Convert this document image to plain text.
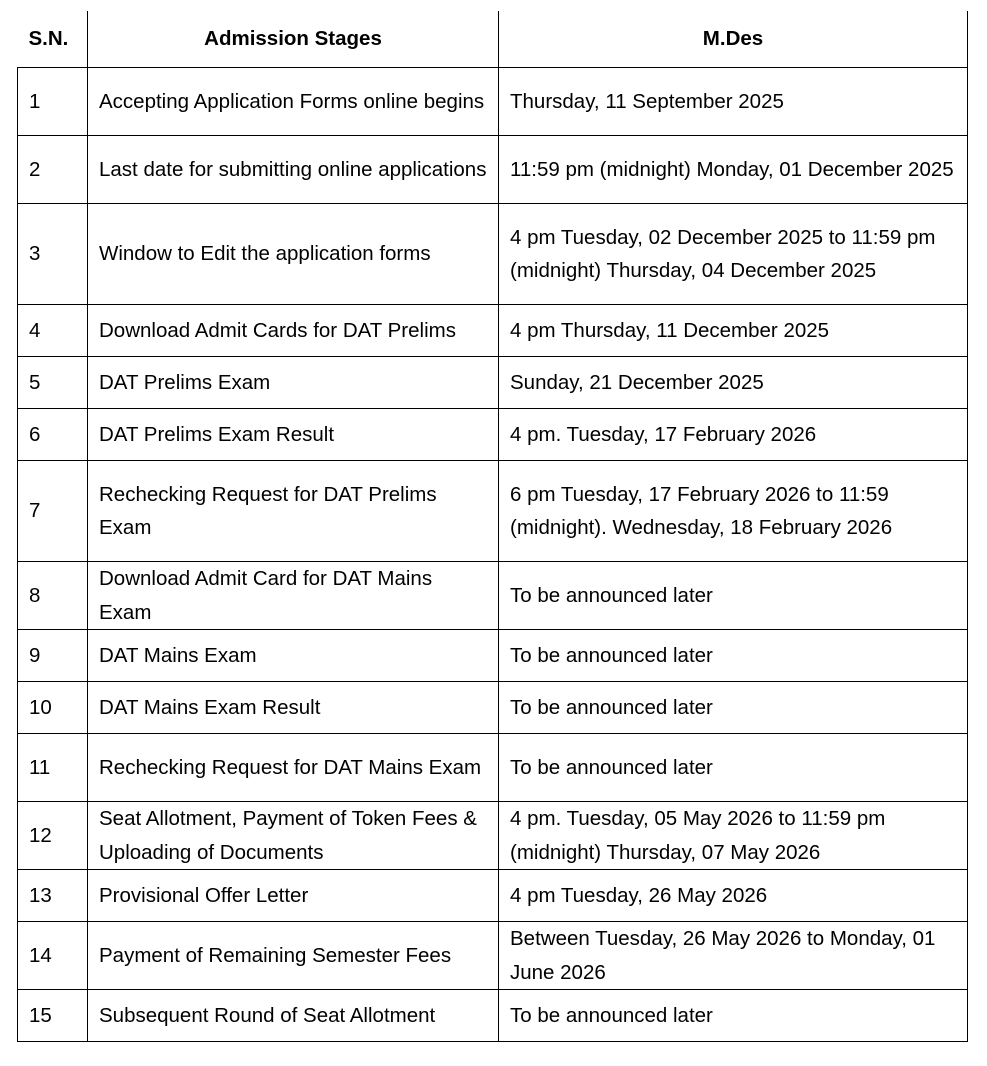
S.N.	Admission Stages	M.Des
1	Accepting Application Forms online begins	Thursday, 11 September 2025
2	Last date for submitting online applications	11:59 pm (midnight) Monday, 01 December 2025
3	Window to Edit the application forms	4 pm Tuesday, 02 December 2025 to 11:59 pm (midnight) Thursday, 04 December 2025
4	Download Admit Cards for DAT Prelims	4 pm Thursday, 11 December 2025
5	DAT Prelims Exam	Sunday, 21 December 2025
6	DAT Prelims Exam Result	4 pm. Tuesday, 17 February 2026
7	Rechecking Request for DAT Prelims Exam	6 pm Tuesday, 17 February 2026 to 11:59 (midnight). Wednesday, 18 February 2026
8	Download Admit Card for DAT Mains Exam	To be announced later
9	DAT Mains Exam	To be announced later
10	DAT Mains Exam Result	To be announced later
11	Rechecking Request for DAT Mains Exam	To be announced later
12	Seat Allotment, Payment of Token Fees & Uploading of Documents	4 pm. Tuesday, 05 May 2026 to 11:59 pm (midnight) Thursday, 07 May 2026
13	Provisional Offer Letter	4 pm Tuesday, 26 May 2026
14	Payment of Remaining Semester Fees	Between Tuesday, 26 May 2026 to Monday, 01 June 2026
15	Subsequent Round of Seat Allotment	To be announced later
